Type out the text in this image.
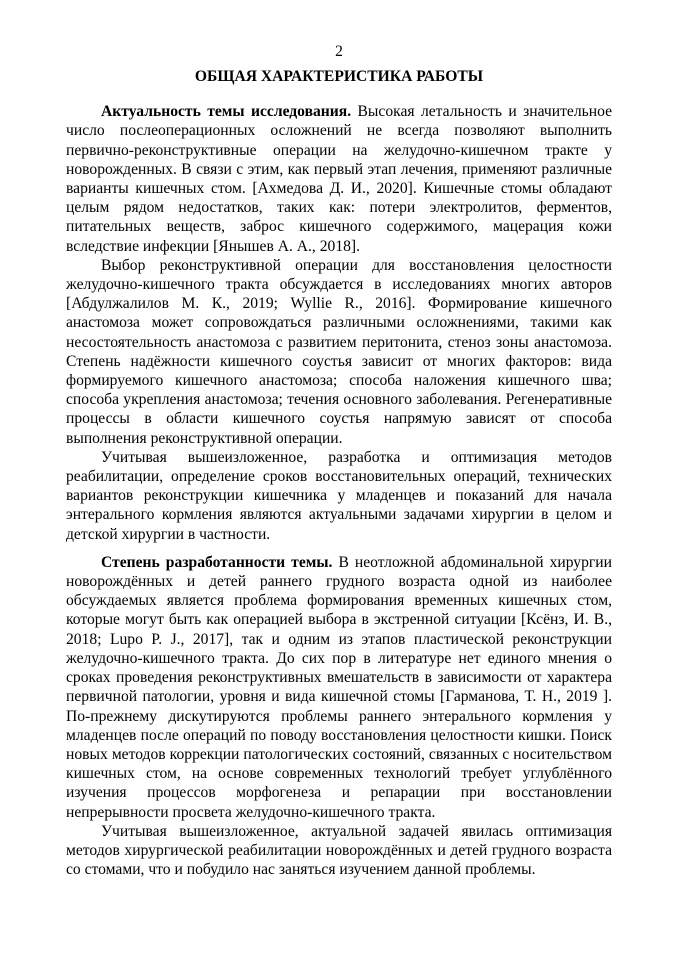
2
ОБЩАЯ ХАРАКТЕРИСТИКА РАБОТЫ

Актуальность темы исследования. Высокая летальность и значительное число послеоперационных осложнений не всегда позволяют выполнить первично-реконструктивные операции на желудочно-кишечном тракте у новорожденных. В связи с этим, как первый этап лечения, применяют различные варианты кишечных стом. [Ахмедова Д. И., 2020]. Кишечные стомы обладают целым рядом недостатков, таких как: потери электролитов, ферментов, питательных веществ, заброс кишечного содержимого, мацерация кожи вследствие инфекции [Янышев А. А., 2018].

Выбор реконструктивной операции для восстановления целостности желудочно-кишечного тракта обсуждается в исследованиях многих авторов [Абдулжалилов М. К., 2019; Wyllie R., 2016]. Формирование кишечного анастомоза может сопровождаться различными осложнениями, такими как несостоятельность анастомоза с развитием перитонита, стеноз зоны анастомоза. Степень надёжности кишечного соустья зависит от многих факторов: вида формируемого кишечного анастомоза; способа наложения кишечного шва; способа укрепления анастомоза; течения основного заболевания. Регенеративные процессы в области кишечного соустья напрямую зависят от способа выполнения реконструктивной операции.

Учитывая вышеизложенное, разработка и оптимизация методов реабилитации, определение сроков восстановительных операций, технических вариантов реконструкции кишечника у младенцев и показаний для начала энтерального кормления являются актуальными задачами хирургии в целом и детской хирургии в частности.

Степень разработанности темы. В неотложной абдоминальной хирургии новорождённых и детей раннего грудного возраста одной из наиболее обсуждаемых является проблема формирования временных кишечных стом, которые могут быть как операцией выбора в экстренной ситуации [Ксёнз, И. В., 2018; Lupo P. J., 2017], так и одним из этапов пластической реконструкции желудочно-кишечного тракта. До сих пор в литературе нет единого мнения о сроках проведения реконструктивных вмешательств в зависимости от характера первичной патологии, уровня и вида кишечной стомы [Гарманова, Т. Н., 2019 ]. По-прежнему дискутируются проблемы раннего энтерального кормления у младенцев после операций по поводу восстановления целостности кишки. Поиск новых методов коррекции патологических состояний, связанных с носительством кишечных стом, на основе современных технологий требует углублённого изучения процессов морфогенеза и репарации при восстановлении непрерывности просвета желудочно-кишечного тракта.

Учитывая вышеизложенное, актуальной задачей явилась оптимизация методов хирургической реабилитации новорождённых и детей грудного возраста со стомами, что и побудило нас заняться изучением данной проблемы.
